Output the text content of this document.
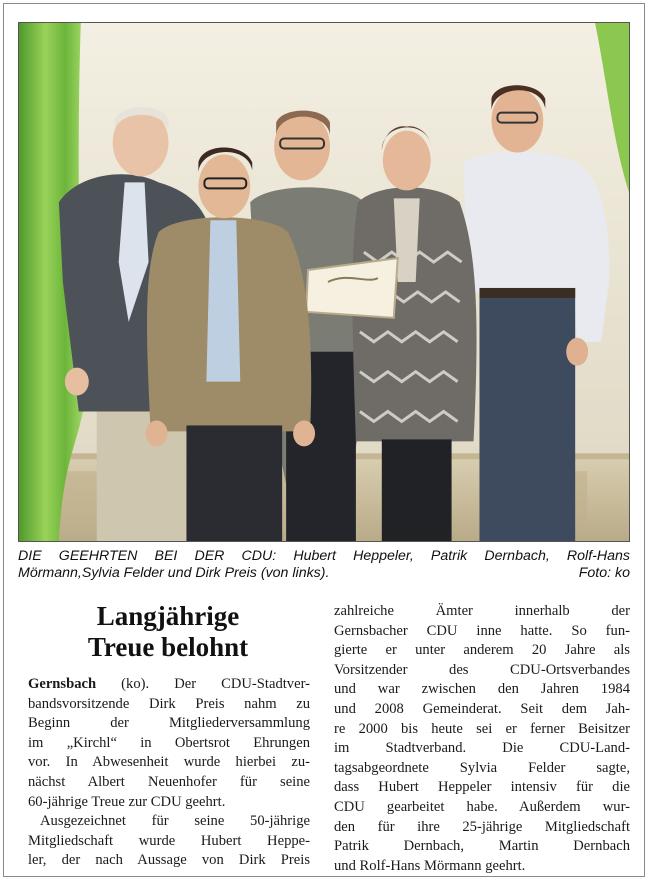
DIE GEEHRTEN BEI DER CDU: Hubert Heppeler, Patrik Dernbach, Rolf-Hans
Mörmann,Sylvia Felder und Dirk Preis (von links).	Foto: ko
Langjährige
Treue belohnt
Gernsbach (ko). Der CDU-Stadtver-
bandsvorsitzende Dirk Preis nahm zu
Beginn der Mitgliederversammlung
im „Kirchl“ in Obertsrot Ehrungen
vor. In Abwesenheit wurde hierbei zu-
nächst Albert Neuenhofer für seine
60-jährige Treue zur CDU geehrt.
Ausgezeichnet für seine 50-jährige
Mitgliedschaft wurde Hubert Heppe-
ler, der nach Aussage von Dirk Preis
zahlreiche Ämter innerhalb der
Gernsbacher CDU inne hatte. So fun-
gierte er unter anderem 20 Jahre als
Vorsitzender des CDU-Ortsverbandes
und war zwischen den Jahren 1984
und 2008 Gemeinderat. Seit dem Jah-
re 2000 bis heute sei er ferner Beisitzer
im Stadtverband. Die CDU-Land-
tagsabgeordnete Sylvia Felder sagte,
dass Hubert Heppeler intensiv für die
CDU gearbeitet habe. Außerdem wur-
den für ihre 25-jährige Mitgliedschaft
Patrik Dernbach, Martin Dernbach
und Rolf-Hans Mörmann geehrt.
